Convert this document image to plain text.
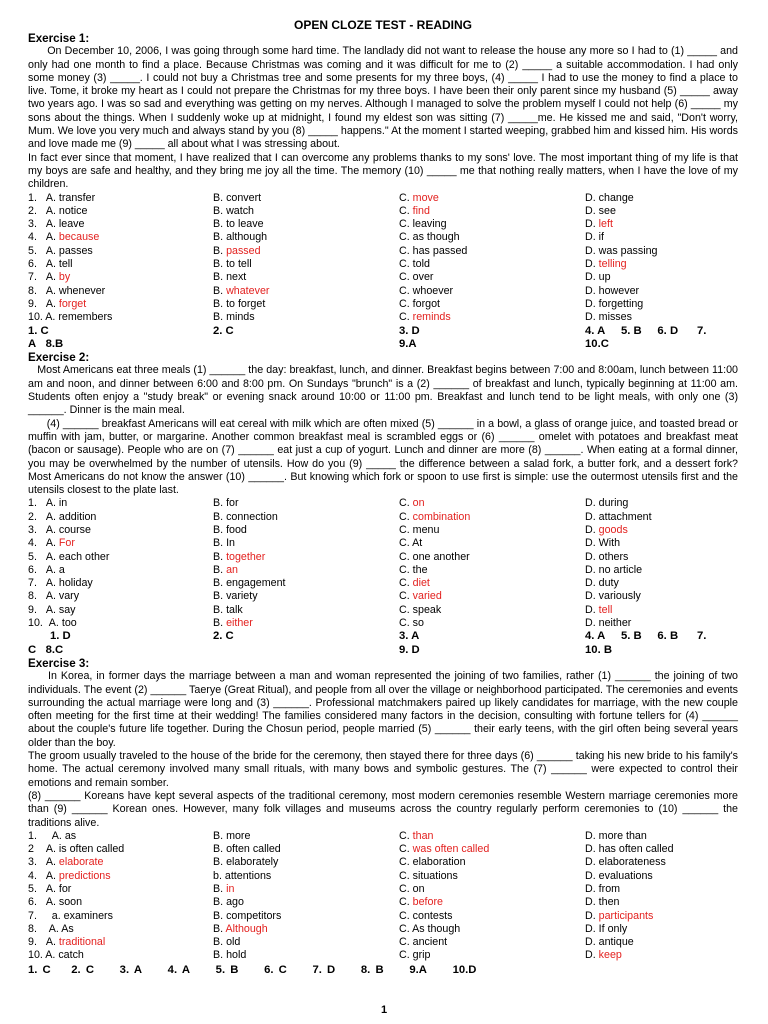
OPEN CLOZE TEST - READING
Exercise 1:

On December 10, 2006, I was going through some hard time. The landlady did not want to release the house any more so I had to (1) _____ and only had one month to find a place. Because Christmas was coming and it was difficult for me to (2) _____ a suitable accommodation. I had only some money (3) _____. I could not buy a Christmas tree and some presents for my three boys, (4) _____ I had to use the money to find a place to live. Tome, it broke my heart as I could not prepare the Christmas for my three boys. I have been their only parent since my husband (5) _____ away two years ago. I was so sad and everything was getting on my nerves. Although I managed to solve the problem myself I could not help (6) _____ my sons about the things. When I suddenly woke up at midnight, I found my eldest son was sitting (7) _____me. He kissed me and said, "Don't worry, Mum. We love you very much and always stand by you (8) _____ happens." At the moment I started weeping, grabbed him and kissed him. His words and love made me (9) _____ all about what I was stressing about.

In fact ever since that moment, I have realized that I can overcome any problems thanks to my sons' love. The most important thing of my life is that my boys are safe and healthy, and they bring me joy all the time. The memory (10) _____ me that nothing really matters, when I have the love of my children.

1.   A. transfer	B. convert	C. move	D. change
2.   A. notice	B. watch	C. find	D. see
3.   A. leave	B. to leave	C. leaving	D. left
4.   A. because	B. although	C. as though	D. if
5.   A. passes	B. passed	C. has passed	D. was passing
6.   A. tell	B. to tell	C. told	D. telling
7.   A. by	B. next	C. over	D. up
8.   A. whenever	B. whatever	C. whoever	D. however
9.   A. forget	B. to forget	C. forgot	D. forgetting
10. A. remembers	B. minds	C. reminds	D. misses
1. C	2. C	3. D	4. A     5. B     6. D      7.
A   8.B	9.A	10.C
Exercise 2:

Most Americans eat three meals (1) ______ the day: breakfast, lunch, and dinner. Breakfast begins between 7:00 and 8:00am, lunch between 11:00 am and noon, and dinner between 6:00 and 8:00 pm. On Sundays "brunch" is a (2) ______ of breakfast and lunch, typically beginning at 11:00 am. Students often enjoy a "study break" or evening snack around 10:00 or 11:00 pm. Breakfast and lunch tend to be light meals, with only one (3) ______. Dinner is the main meal.

(4) ______ breakfast Americans will eat cereal with milk which are often mixed (5) ______ in a bowl, a glass of orange juice, and toasted bread or muffin with jam, butter, or margarine. Another common breakfast meal is scrambled eggs or (6) ______ omelet with potatoes and breakfast meat (bacon or sausage). People who are on (7) ______ eat just a cup of yogurt. Lunch and dinner are more (8) ______. When eating at a formal dinner, you may be overwhelmed by the number of utensils. How do you (9) _____ the difference between a salad fork, a butter fork, and a dessert fork? Most Americans do not know the answer (10) ______. But knowing which fork or spoon to use first is simple: use the outermost utensils first and the utensils closest to the plate last.

1.   A. in	B. for	C. on	D. during
2.   A. addition	B. connection	C. combination	D. attachment
3.   A. course	B. food	C. menu	D. goods
4.   A. For	B. In	C. At	D. With
5.   A. each other	B. together	C. one another	D. others
6.   A. a	B. an	C. the	D. no article
7.   A. holiday	B. engagement	C. diet	D. duty
8.   A. vary	B. variety	C. varied	D. variously
9.   A. say	B. talk	C. speak	D. tell
10.  A. too	B. either	C. so	D. neither
1. D	2. C	3. A	4. A     5. B     6. B      7.
C   8.C	9. D	10. B
Exercise 3:

In Korea, in former days the marriage between a man and woman represented the joining of two families, rather (1) ______ the joining of two individuals. The event (2) ______ Taerye (Great Ritual), and people from all over the village or neighborhood participated. The ceremonies and events surrounding the actual marriage were long and (3) ______. Professional matchmakers paired up likely candidates for marriage, with the new couple often meeting for the first time at their wedding! The families considered many factors in the decision, consulting with fortune tellers for (4) ______ about the couple's future life together. During the Chosun period, people married (5) ______ their early teens, with the girl often being several years older than the boy.

The groom usually traveled to the house of the bride for the ceremony, then stayed there for three days (6) ______ taking his new bride to his family's home. The actual ceremony involved many small rituals, with many bows and symbolic gestures. The (7) ______ were expected to control their emotions and remain somber.

(8) ______ Koreans have kept several aspects of the traditional ceremony, most modern ceremonies resemble Western marriage ceremonies more than (9) ______ Korean ones. However, many folk villages and museums across the country regularly perform ceremonies to (10) ______ the traditions alive.

1.     A. as	B. more	C. than	D. more than
2    A. is often called	B. often called	C. was often called	D. has often called
3.   A. elaborate	B. elaborately	C. elaboration	D. elaborateness
4.   A. predictions	b. attentions	C. situations	D. evaluations
5.   A. for	B. in	C. on	D. from
6.   A. soon	B. ago	C. before	D. then
7.     a. examiners	B. competitors	C. contests	D. participants
8.    A. As	B. Although	C. As though	D. If only
9.   A. traditional	B. old	C. ancient	D. antique
10. A. catch	B. hold	C. grip	D. keep
1. C    2. C     3. A     4. A     5. B     6. C     7. D     8. B     9.A     10.D
1
